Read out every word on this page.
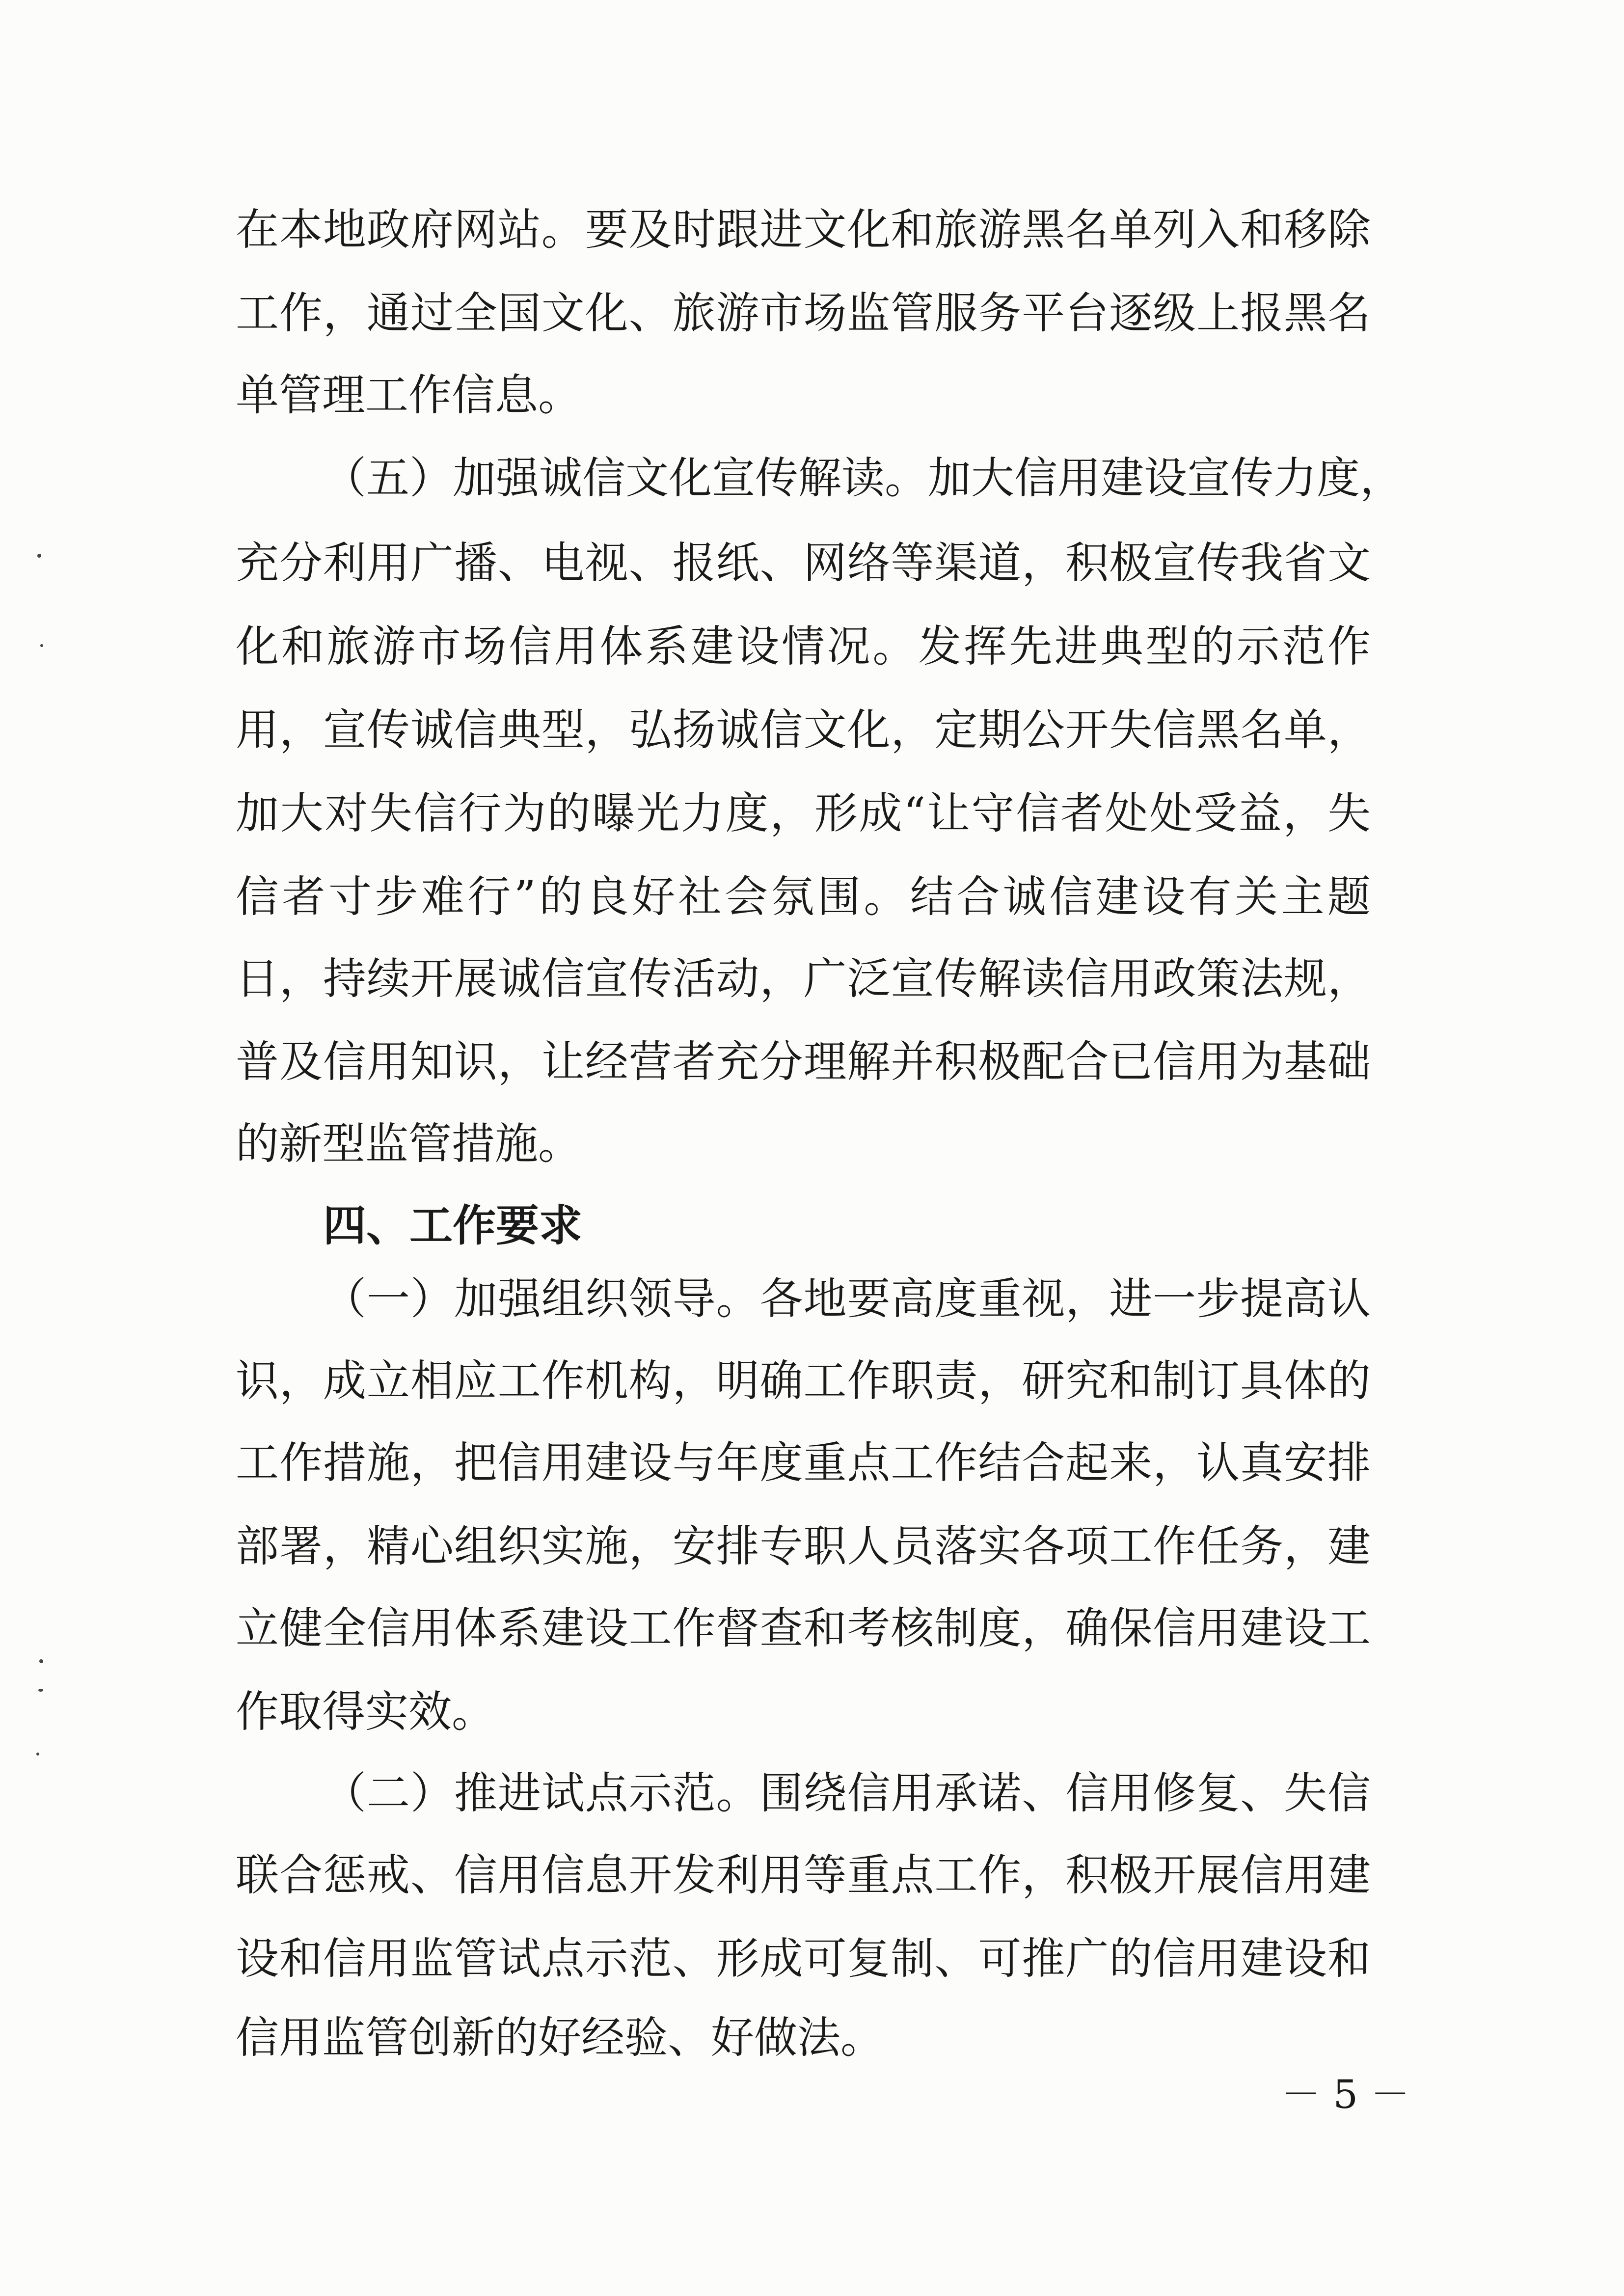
在本地政府网站。要及时跟进文化和旅游黑名单列入和移除
工作，通过全国文化、旅游市场监管服务平台逐级上报黑名
单管理工作信息。
（五）加强诚信文化宣传解读。加大信用建设宣传力度，
充分利用广播、电视、报纸、网络等渠道，积极宣传我省文
化和旅游市场信用体系建设情况。发挥先进典型的示范作
用，宣传诚信典型，弘扬诚信文化，定期公开失信黑名单，
加大对失信行为的曝光力度，形成“让守信者处处受益，失
信者寸步难行”的良好社会氛围。结合诚信建设有关主题
日，持续开展诚信宣传活动，广泛宣传解读信用政策法规，
普及信用知识，让经营者充分理解并积极配合已信用为基础
的新型监管措施。
四、工作要求
（一）加强组织领导。各地要高度重视，进一步提高认
识，成立相应工作机构，明确工作职责，研究和制订具体的
工作措施，把信用建设与年度重点工作结合起来，认真安排
部署，精心组织实施，安排专职人员落实各项工作任务，建
立健全信用体系建设工作督查和考核制度，确保信用建设工
作取得实效。
（二）推进试点示范。围绕信用承诺、信用修复、失信
联合惩戒、信用信息开发利用等重点工作，积极开展信用建
设和信用监管试点示范、形成可复制、可推广的信用建设和
信用监管创新的好经验、好做法。
－ 5 －
